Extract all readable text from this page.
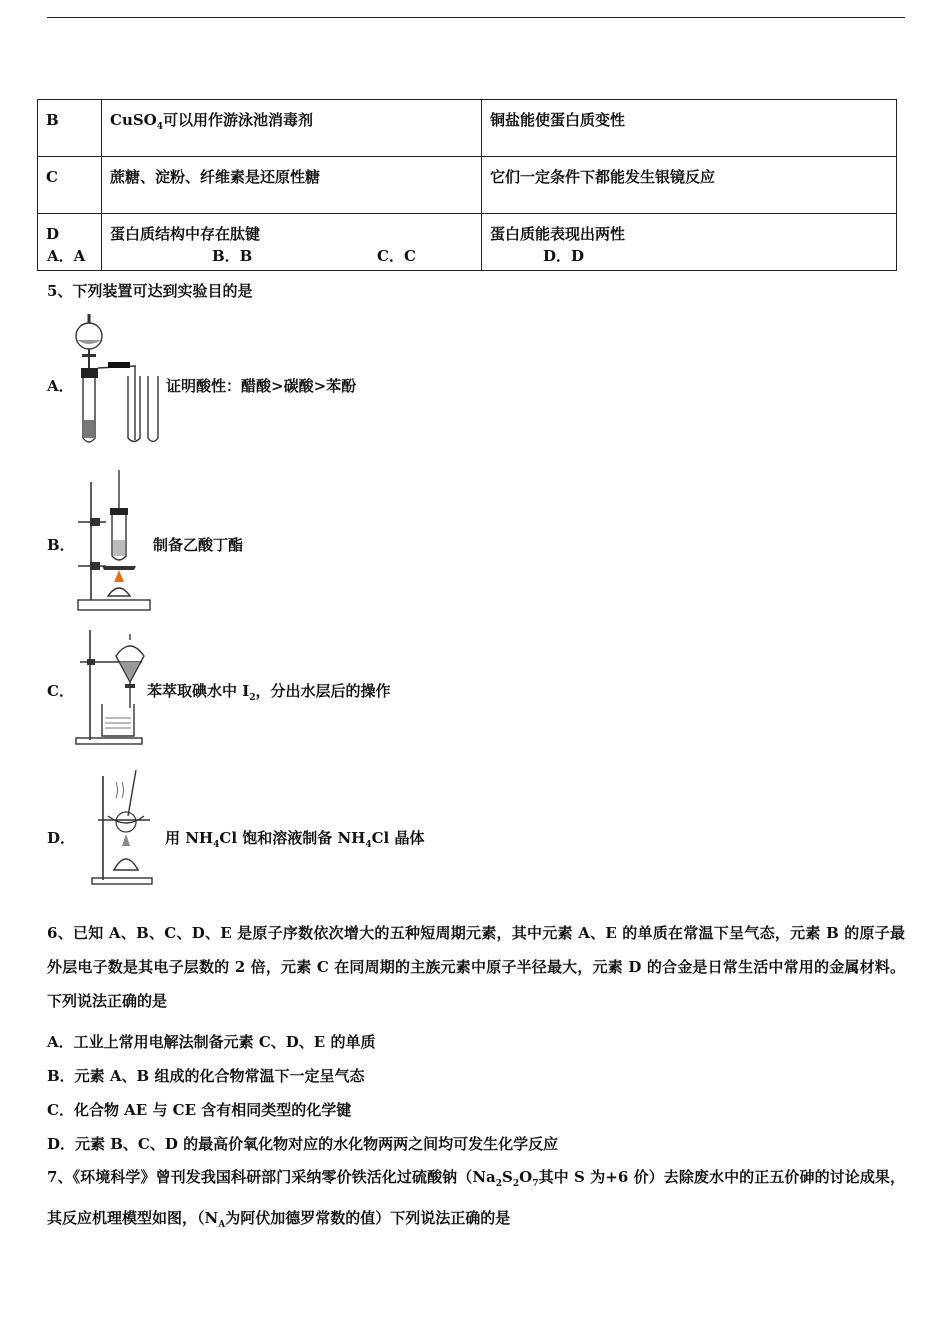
B	CuSO$_4$可以用作游泳池消毒剂	铜盐能使蛋白质变性
C	蔗糖、淀粉、纤维素是还原性糖	它们一定条件下都能发生银镜反应
D	蛋白质结构中存在肽键	蛋白质能表现出两性
A．A	B．B	C．C	D．D
5、下列装置可达到实验目的是
A．	证明酸性：醋酸>碳酸>苯酚
B．	制备乙酸丁酯
C．	苯萃取碘水中 $I_2$，分出水层后的操作
D．	用 $NH_4Cl$ 饱和溶液制备 $NH_4Cl$ 晶体
6、已知 A、B、C、D、E 是原子序数依次增大的五种短周期元素，其中元素 A、E 的单质在常温下呈气态，元素 B 的原子最外层电子数是其电子层数的 2 倍，元素 C 在同周期的主族元素中原子半径最大，元素 D 的合金是日常生活中常用的金属材料。下列说法正确的是
A．工业上常用电解法制备元素 C、D、E 的单质
B．元素 A、B 组成的化合物常温下一定呈气态
C．化合物 AE 与 CE 含有相同类型的化学键
D．元素 B、C、D 的最高价氧化物对应的水化物两两之间均可发生化学反应
7、《环境科学》曾刊发我国科研部门采纳零价铁活化过硫酸钠（$Na_2S_2O_7$其中 S 为+6 价）去除废水中的正五价砷的讨论成果，其反应机理模型如图，（$N_A$为阿伏加德罗常数的值）下列说法正确的是
